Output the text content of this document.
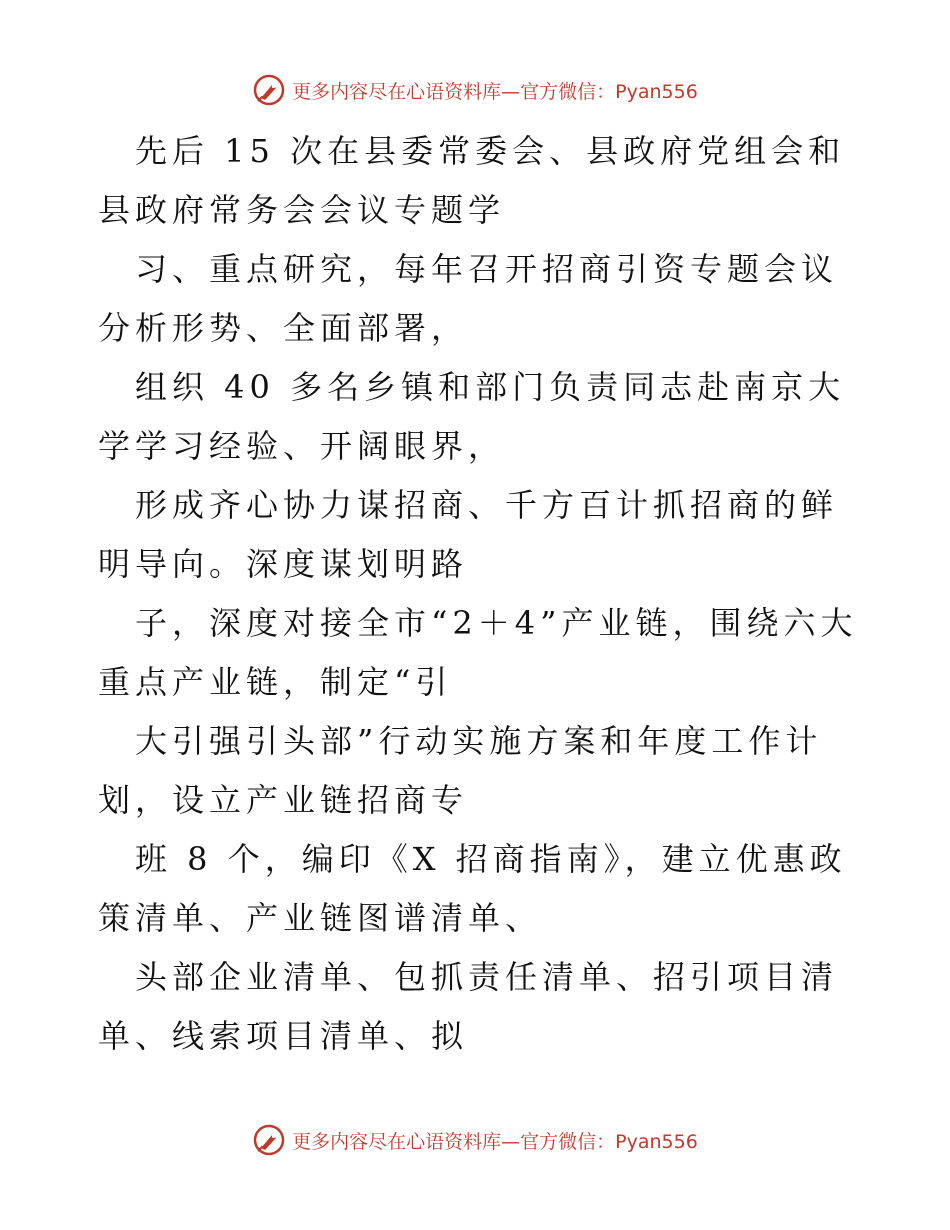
更多内容尽在心语资料库—官方微信：Pyan556

先后 15 次在县委常委会、县政府党组会和县政府常务会会议专题学

习、重点研究，每年召开招商引资专题会议分析形势、全面部署，

组织 40 多名乡镇和部门负责同志赴南京大学学习经验、开阔眼界，

形成齐心协力谋招商、千方百计抓招商的鲜明导向。深度谋划明路

子，深度对接全市“2＋4”产业链，围绕六大重点产业链，制定“引

大引强引头部”行动实施方案和年度工作计划，设立产业链招商专

班 8 个，编印《X 招商指南》，建立优惠政策清单、产业链图谱清单、

头部企业清单、包抓责任清单、招引项目清单、线索项目清单、拟

更多内容尽在心语资料库—官方微信：Pyan556
